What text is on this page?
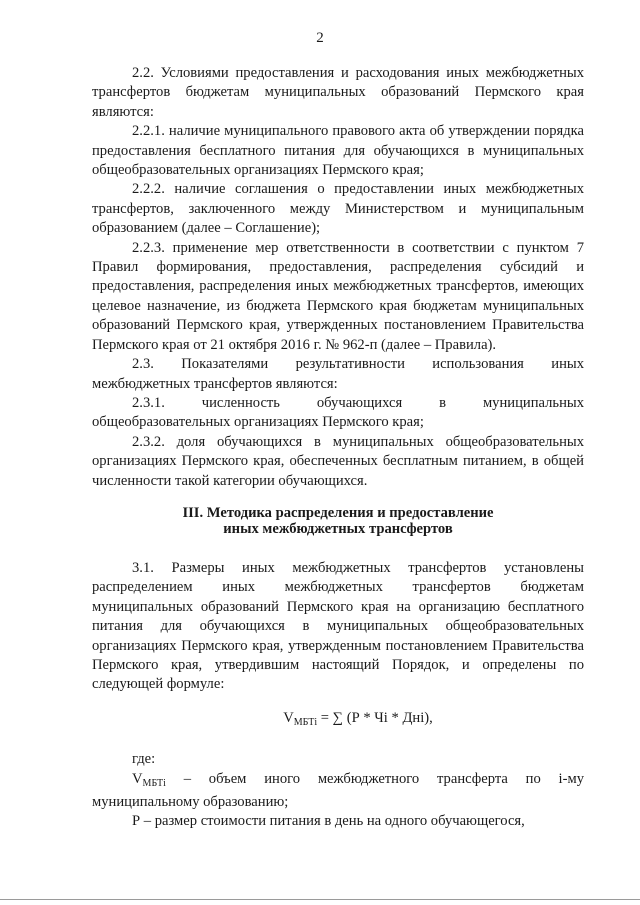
2

2.2. Условиями предоставления и расходования иных межбюджетных трансфертов бюджетам муниципальных образований Пермского края являются:

2.2.1. наличие муниципального правового акта об утверждении порядка предоставления бесплатного питания для обучающихся в муниципальных общеобразовательных организациях Пермского края;

2.2.2. наличие соглашения о предоставлении иных межбюджетных трансфертов, заключенного между Министерством и муниципальным образованием (далее – Соглашение);

2.2.3. применение мер ответственности в соответствии с пунктом 7 Правил формирования, предоставления, распределения субсидий и предоставления, распределения иных межбюджетных трансфертов, имеющих целевое назначение, из бюджета Пермского края бюджетам муниципальных образований Пермского края, утвержденных постановлением Правительства Пермского края от 21 октября 2016 г. № 962-п (далее – Правила).

2.3. Показателями результативности использования иных межбюджетных трансфертов являются:

2.3.1. численность обучающихся в муниципальных общеобразовательных организациях Пермского края;

2.3.2. доля обучающихся в муниципальных общеобразовательных организациях Пермского края, обеспеченных бесплатным питанием, в общей численности такой категории обучающихся.

III. Методика распределения и предоставление
иных межбюджетных трансфертов

3.1. Размеры иных межбюджетных трансфертов установлены распределением иных межбюджетных трансфертов бюджетам муниципальных образований Пермского края на организацию бесплатного питания для обучающихся в муниципальных общеобразовательных организациях Пермского края, утвержденным постановлением Правительства Пермского края, утвердившим настоящий Порядок, и определены по следующей формуле:

$V_{МБТi}$ = ∑ (Р * Чi * Днi),

где:

$V_{МБТi}$ – объем иного межбюджетного трансферта по i-му муниципальному образованию;

Р – размер стоимости питания в день на одного обучающегося,
